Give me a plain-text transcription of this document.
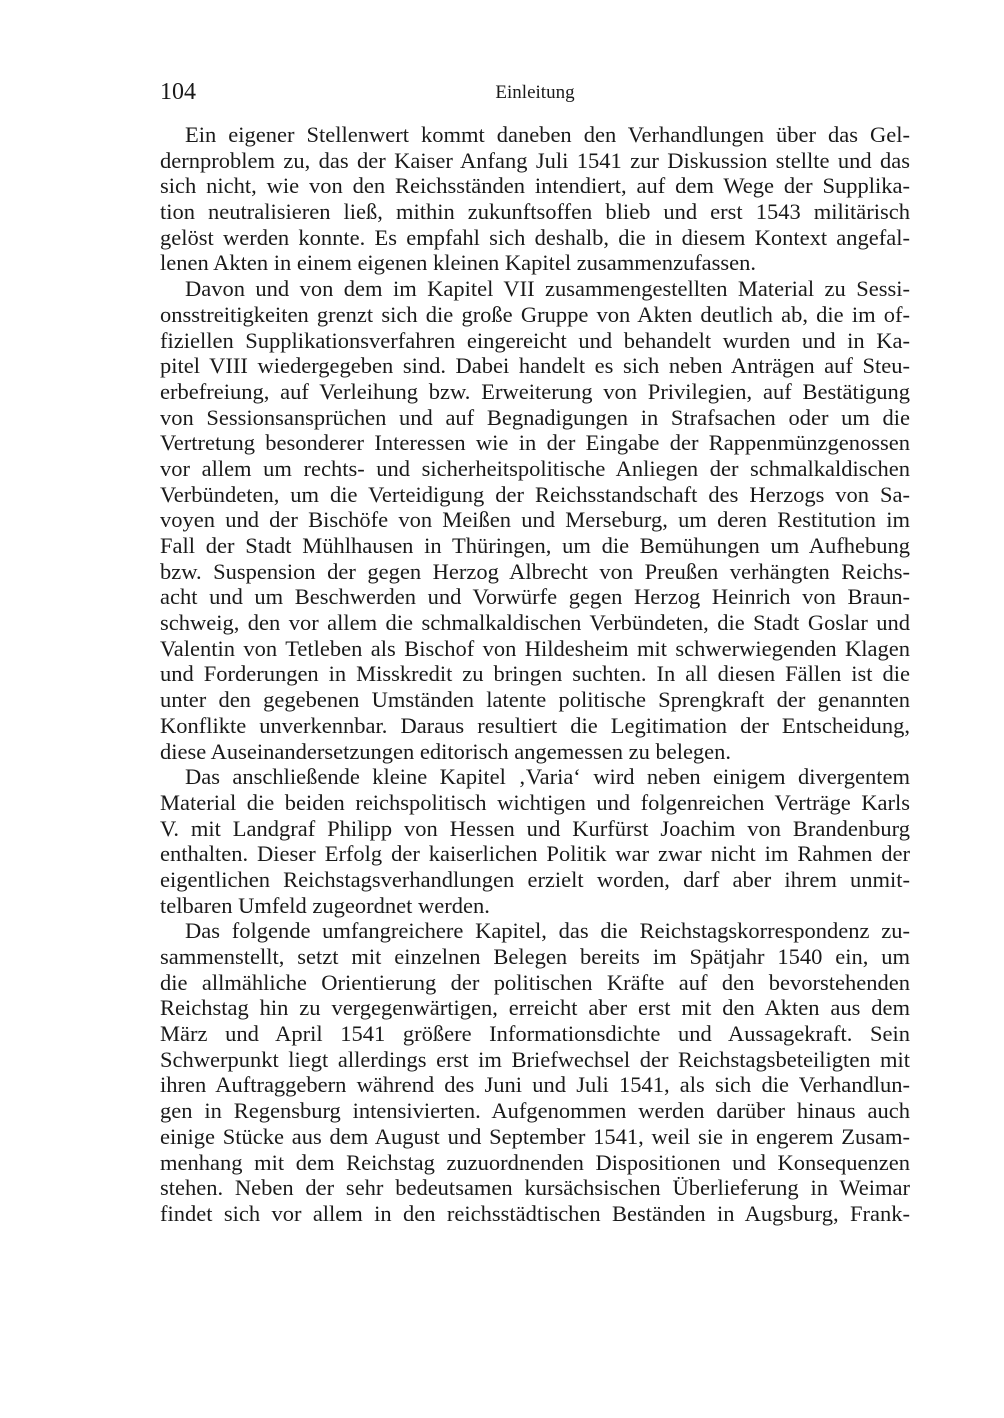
104	Einleitung
Ein eigener Stellenwert kommt daneben den Verhandlungen über das Gel-
dernproblem zu, das der Kaiser Anfang Juli 1541 zur Diskussion stellte und das
sich nicht, wie von den Reichsständen intendiert, auf dem Wege der Supplika-
tion neutralisieren ließ, mithin zukunftsoffen blieb und erst 1543 militärisch
gelöst werden konnte. Es empfahl sich deshalb, die in diesem Kontext angefal-
lenen Akten in einem eigenen kleinen Kapitel zusammenzufassen.
Davon und von dem im Kapitel VII zusammengestellten Material zu Sessi-
onsstreitigkeiten grenzt sich die große Gruppe von Akten deutlich ab, die im of-
fiziellen Supplikationsverfahren eingereicht und behandelt wurden und in Ka-
pitel VIII wiedergegeben sind. Dabei handelt es sich neben Anträgen auf Steu-
erbefreiung, auf Verleihung bzw. Erweiterung von Privilegien, auf Bestätigung
von Sessionsansprüchen und auf Begnadigungen in Strafsachen oder um die
Vertretung besonderer Interessen wie in der Eingabe der Rappenmünzgenossen
vor allem um rechts- und sicherheitspolitische Anliegen der schmalkaldischen
Verbündeten, um die Verteidigung der Reichsstandschaft des Herzogs von Sa-
voyen und der Bischöfe von Meißen und Merseburg, um deren Restitution im
Fall der Stadt Mühlhausen in Thüringen, um die Bemühungen um Aufhebung
bzw. Suspension der gegen Herzog Albrecht von Preußen verhängten Reichs-
acht und um Beschwerden und Vorwürfe gegen Herzog Heinrich von Braun-
schweig, den vor allem die schmalkaldischen Verbündeten, die Stadt Goslar und
Valentin von Tetleben als Bischof von Hildesheim mit schwerwiegenden Klagen
und Forderungen in Misskredit zu bringen suchten. In all diesen Fällen ist die
unter den gegebenen Umständen latente politische Sprengkraft der genannten
Konflikte unverkennbar. Daraus resultiert die Legitimation der Entscheidung,
diese Auseinandersetzungen editorisch angemessen zu belegen.
Das anschließende kleine Kapitel ‚Varia‘ wird neben einigem divergentem
Material die beiden reichspolitisch wichtigen und folgenreichen Verträge Karls
V. mit Landgraf Philipp von Hessen und Kurfürst Joachim von Brandenburg
enthalten. Dieser Erfolg der kaiserlichen Politik war zwar nicht im Rahmen der
eigentlichen Reichstagsverhandlungen erzielt worden, darf aber ihrem unmit-
telbaren Umfeld zugeordnet werden.
Das folgende umfangreichere Kapitel, das die Reichstagskorrespondenz zu-
sammenstellt, setzt mit einzelnen Belegen bereits im Spätjahr 1540 ein, um
die allmähliche Orientierung der politischen Kräfte auf den bevorstehenden
Reichstag hin zu vergegenwärtigen, erreicht aber erst mit den Akten aus dem
März und April 1541 größere Informationsdichte und Aussagekraft. Sein
Schwerpunkt liegt allerdings erst im Briefwechsel der Reichstagsbeteiligten mit
ihren Auftraggebern während des Juni und Juli 1541, als sich die Verhandlun-
gen in Regensburg intensivierten. Aufgenommen werden darüber hinaus auch
einige Stücke aus dem August und September 1541, weil sie in engerem Zusam-
menhang mit dem Reichstag zuzuordnenden Dispositionen und Konsequenzen
stehen. Neben der sehr bedeutsamen kursächsischen Überlieferung in Weimar
findet sich vor allem in den reichsstädtischen Beständen in Augsburg, Frank-
